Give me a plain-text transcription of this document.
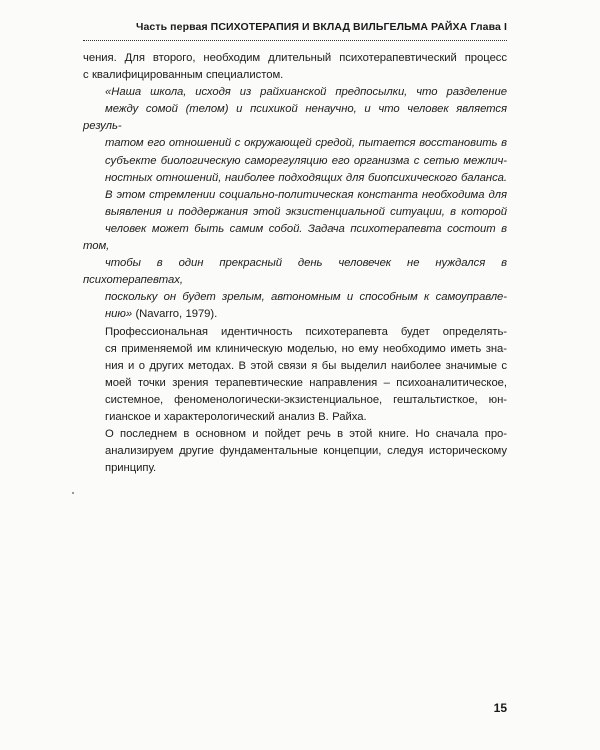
Часть первая ПСИХОТЕРАПИЯ И ВКЛАД ВИЛЬГЕЛЬМА РАЙХА Глава I

чения. Для второго, необходим длительный психотерапевтический процесс
с квалифицированным специалистом.

«Наша школа, исходя из райхианской предпосылки, что разделение
между сомой (телом) и психикой ненаучно, и что человек является резуль-
татом его отношений с окружающей средой, пытается восстановить в
субъекте биологическую саморегуляцию его организма с сетью межлич-
ностных отношений, наиболее подходящих для биопсихического баланса.
В этом стремлении социально-политическая константа необходима для
выявления и поддержания этой экзистенциальной ситуации, в которой
человек может быть самим собой. Задача психотерапевта состоит в том,
чтобы в один прекрасный день человечек не нуждался в психотерапевтах,
поскольку он будет зрелым, автономным и способным к самоуправле-
нию» (Navarro, 1979).

Профессиональная идентичность психотерапевта будет определять-
ся применяемой им клиническую моделью, но ему необходимо иметь зна-
ния и о других методах. В этой связи я бы выделил наиболее значимые с
моей точки зрения терапевтические направления – психоаналитическое,
системное, феноменологически-экзистенциальное, гештальтисткое, юн-
гианское и характерологический анализ В. Райха.

О последнем в основном и пойдет речь в этой книге. Но сначала про-
анализируем другие фундаментальные концепции, следуя историческому
принципу.

15
